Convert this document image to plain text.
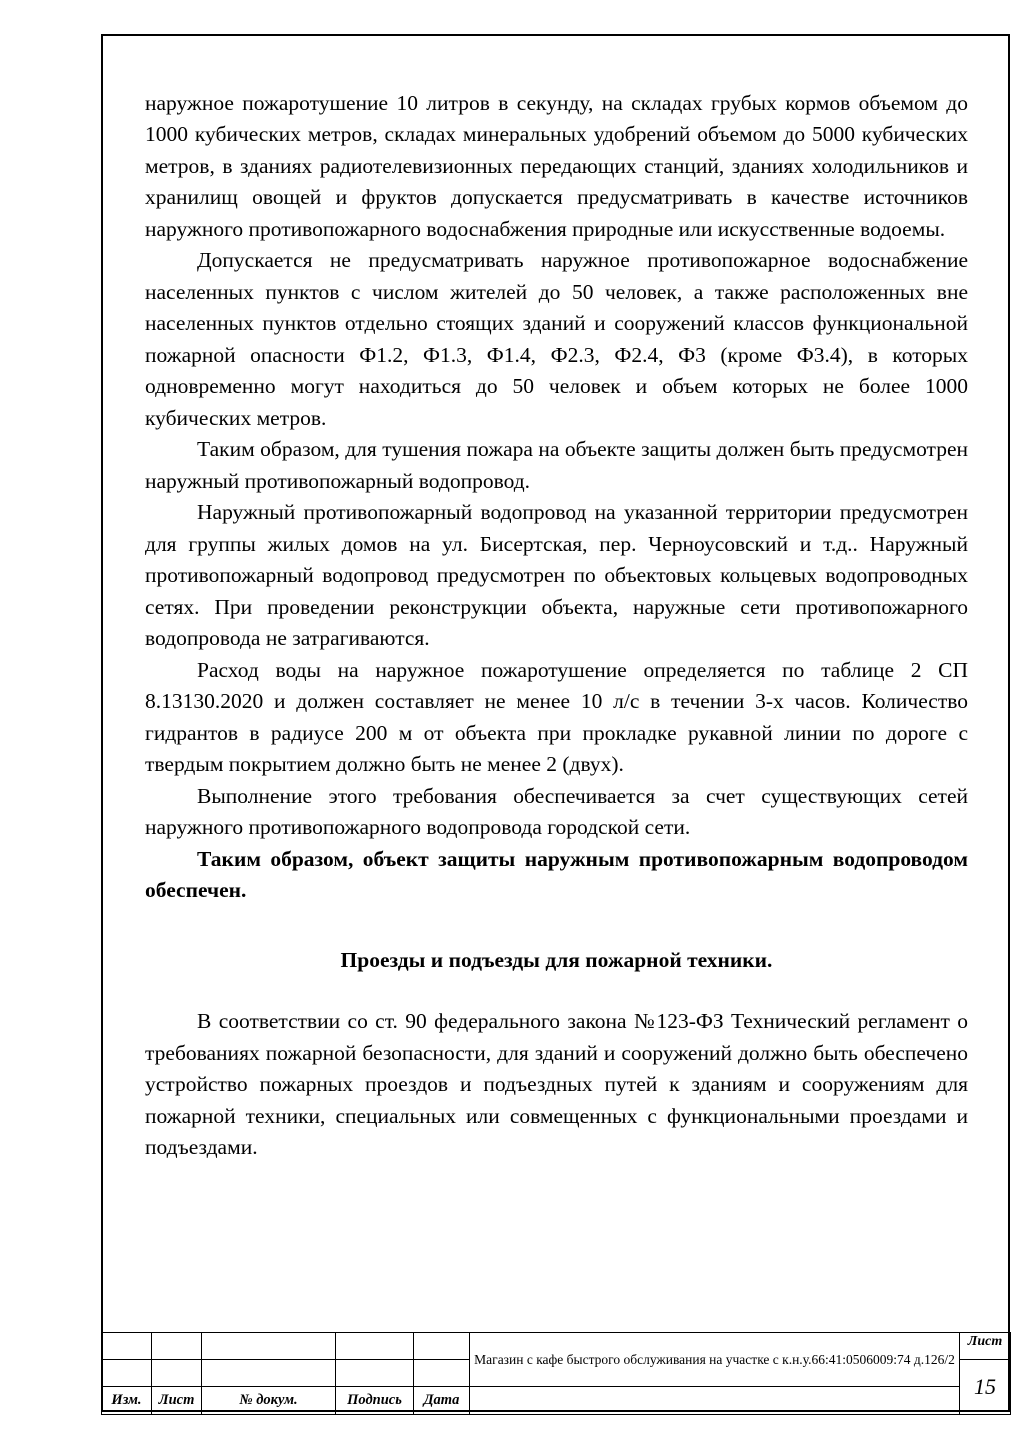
наружное пожаротушение 10 литров в секунду, на складах грубых кормов объемом до 1000 кубических метров, складах минеральных удобрений объемом до 5000 кубических метров, в зданиях радиотелевизионных передающих станций, зданиях холодильников и хранилищ овощей и фруктов допускается предусматривать в качестве источников наружного противопожарного водоснабжения природные или искусственные водоемы.

Допускается не предусматривать наружное противопожарное водоснабжение населенных пунктов с числом жителей до 50 человек, а также расположенных вне населенных пунктов отдельно стоящих зданий и сооружений классов функциональной пожарной опасности Ф1.2, Ф1.3, Ф1.4, Ф2.3, Ф2.4, Ф3 (кроме Ф3.4), в которых одновременно могут находиться до 50 человек и объем которых не более 1000 кубических метров.

Таким образом, для тушения пожара на объекте защиты должен быть предусмотрен наружный противопожарный водопровод.

Наружный противопожарный водопровод на указанной территории предусмотрен для группы жилых домов на ул. Бисертская, пер. Черноусовский и т.д.. Наружный противопожарный водопровод предусмотрен по объектовых кольцевых водопроводных сетях. При проведении реконструкции объекта, наружные сети противопожарного водопровода не затрагиваются.

Расход воды на наружное пожаротушение определяется по таблице 2 СП 8.13130.2020 и должен составляет не менее 10 л/с в течении 3-х часов. Количество гидрантов в радиусе 200 м от объекта при прокладке рукавной линии по дороге с твердым покрытием должно быть не менее 2 (двух).

Выполнение этого требования обеспечивается за счет существующих сетей наружного противопожарного водопровода городской сети.

Таким образом, объект защиты наружным противопожарным водопроводом обеспечен.

Проезды и подъезды для пожарной техники.

В соответствии со ст. 90 федерального закона №123-ФЗ Технический регламент о требованиях пожарной безопасности, для зданий и сооружений должно быть обеспечено устройство пожарных проездов и подъездных путей к зданиям и сооружениям для пожарной техники, специальных или совмещенных с функциональными проездами и подъездами.

					Магазин с кафе быстрого обслуживания на участке с к.н.у.66:41:0506009:74 д.126/2	Лист
						15
Изм.	Лист	№ докум.	Подпись	Дата		
